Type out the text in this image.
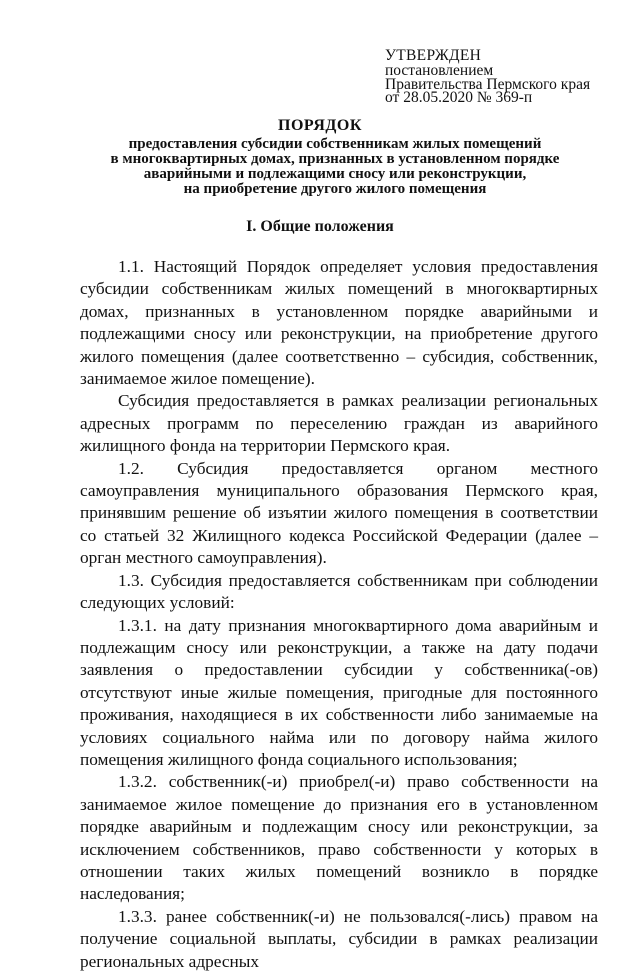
УТВЕРЖДЕН
постановлением
Правительства Пермского края
от 28.05.2020 № 369-п
ПОРЯДОК
предоставления субсидии собственникам жилых помещений
в многоквартирных домах, признанных в установленном порядке
аварийными и подлежащими сносу или реконструкции,
на приобретение другого жилого помещения
I. Общие положения

1.1. Настоящий Порядок определяет условия предоставления субсидии собственникам жилых помещений в многоквартирных домах, признанных в установленном порядке аварийными и подлежащими сносу или реконструкции, на приобретение другого жилого помещения (далее соответственно – субсидия, собственник, занимаемое жилое помещение).

Субсидия предоставляется в рамках реализации региональных адресных программ по переселению граждан из аварийного жилищного фонда на территории Пермского края.

1.2. Субсидия предоставляется органом местного самоуправления муниципального образования Пермского края, принявшим решение об изъятии жилого помещения в соответствии со статьей 32 Жилищного кодекса Российской Федерации (далее – орган местного самоуправления).

1.3. Субсидия предоставляется собственникам при соблюдении следующих условий:

1.3.1. на дату признания многоквартирного дома аварийным и подлежащим сносу или реконструкции, а также на дату подачи заявления о предоставлении субсидии у собственника(-ов) отсутствуют иные жилые помещения, пригодные для постоянного проживания, находящиеся в их собственности либо занимаемые на условиях социального найма или по договору найма жилого помещения жилищного фонда социального использования;

1.3.2. собственник(-и) приобрел(-и) право собственности на занимаемое жилое помещение до признания его в установленном порядке аварийным и подлежащим сносу или реконструкции, за исключением собственников, право собственности у которых в отношении таких жилых помещений возникло в порядке наследования;

1.3.3. ранее собственник(-и) не пользовался(-лись) правом на получение социальной выплаты, субсидии в рамках реализации региональных адресных
